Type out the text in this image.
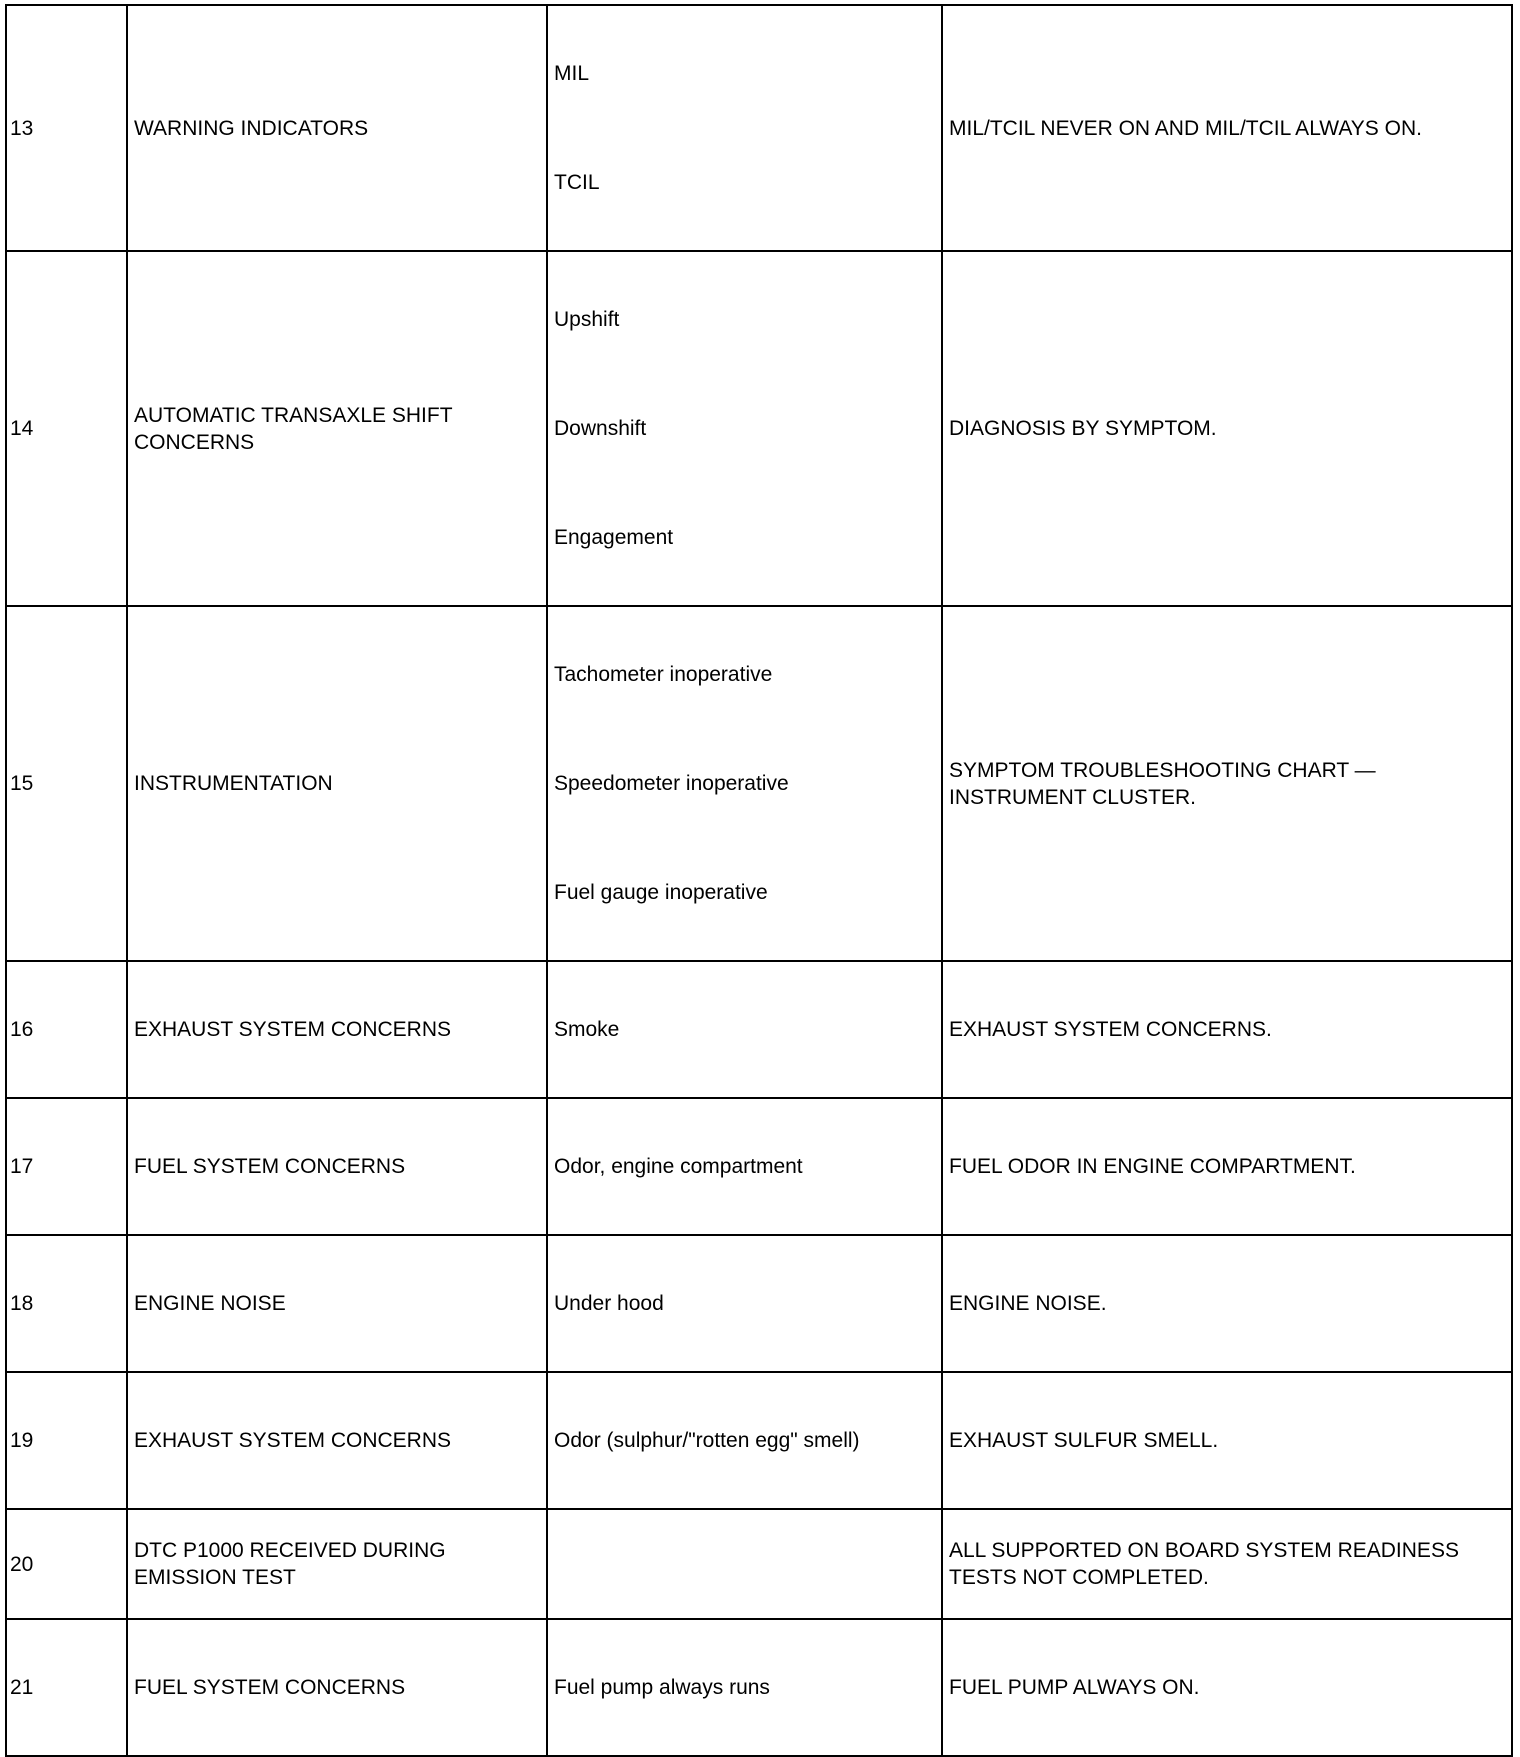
13	WARNING INDICATORS	MIL

TCIL	MIL/TCIL NEVER ON AND MIL/TCIL ALWAYS ON.
14	AUTOMATIC TRANSAXLE SHIFT CONCERNS	Upshift

Downshift

Engagement	DIAGNOSIS BY SYMPTOM.
15	INSTRUMENTATION	Tachometer inoperative

Speedometer inoperative

Fuel gauge inoperative	SYMPTOM TROUBLESHOOTING CHART — INSTRUMENT CLUSTER.
16	EXHAUST SYSTEM CONCERNS	Smoke	EXHAUST SYSTEM CONCERNS.
17	FUEL SYSTEM CONCERNS	Odor, engine compartment	FUEL ODOR IN ENGINE COMPARTMENT.
18	ENGINE NOISE	Under hood	ENGINE NOISE.
19	EXHAUST SYSTEM CONCERNS	Odor (sulphur/"rotten egg" smell)	EXHAUST SULFUR SMELL.
20	DTC P1000 RECEIVED DURING EMISSION TEST		ALL SUPPORTED ON BOARD SYSTEM READINESS TESTS NOT COMPLETED.
21	FUEL SYSTEM CONCERNS	Fuel pump always runs	FUEL PUMP ALWAYS ON.
